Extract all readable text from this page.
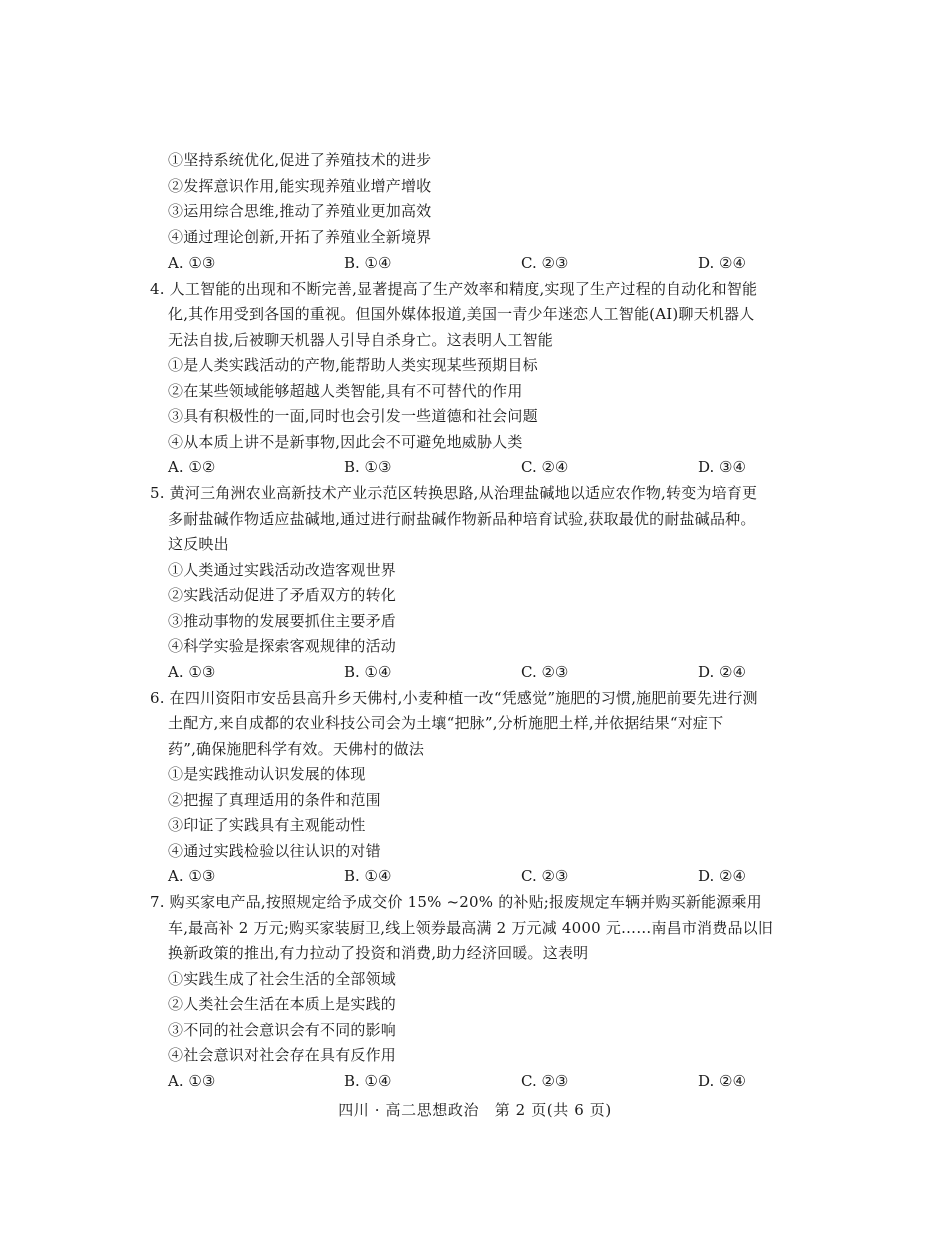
①坚持系统优化,促进了养殖技术的进步
②发挥意识作用,能实现养殖业增产增收
③运用综合思维,推动了养殖业更加高效
④通过理论创新,开拓了养殖业全新境界
A. ①③	B. ①④	C. ②③	D. ②④
4. 人工智能的出现和不断完善,显著提高了生产效率和精度,实现了生产过程的自动化和智能
化,其作用受到各国的重视。但国外媒体报道,美国一青少年迷恋人工智能(AI)聊天机器人
无法自拔,后被聊天机器人引导自杀身亡。这表明人工智能
①是人类实践活动的产物,能帮助人类实现某些预期目标
②在某些领域能够超越人类智能,具有不可替代的作用
③具有积极性的一面,同时也会引发一些道德和社会问题
④从本质上讲不是新事物,因此会不可避免地威胁人类
A. ①②	B. ①③	C. ②④	D. ③④
5. 黄河三角洲农业高新技术产业示范区转换思路,从治理盐碱地以适应农作物,转变为培育更
多耐盐碱作物适应盐碱地,通过进行耐盐碱作物新品种培育试验,获取最优的耐盐碱品种。
这反映出
①人类通过实践活动改造客观世界
②实践活动促进了矛盾双方的转化
③推动事物的发展要抓住主要矛盾
④科学实验是探索客观规律的活动
A. ①③	B. ①④	C. ②③	D. ②④
6. 在四川资阳市安岳县高升乡天佛村,小麦种植一改“凭感觉”施肥的习惯,施肥前要先进行测
土配方,来自成都的农业科技公司会为土壤“把脉”,分析施肥土样,并依据结果“对症下
药”,确保施肥科学有效。天佛村的做法
①是实践推动认识发展的体现
②把握了真理适用的条件和范围
③印证了实践具有主观能动性
④通过实践检验以往认识的对错
A. ①③	B. ①④	C. ②③	D. ②④
7. 购买家电产品,按照规定给予成交价 15% ~20% 的补贴;报废规定车辆并购买新能源乘用
车,最高补 2 万元;购买家装厨卫,线上领券最高满 2 万元减 4000 元……南昌市消费品以旧
换新政策的推出,有力拉动了投资和消费,助力经济回暖。这表明
①实践生成了社会生活的全部领域
②人类社会生活在本质上是实践的
③不同的社会意识会有不同的影响
④社会意识对社会存在具有反作用
A. ①③	B. ①④	C. ②③	D. ②④
四川 · 高二思想政治　第 2 页(共 6 页)
